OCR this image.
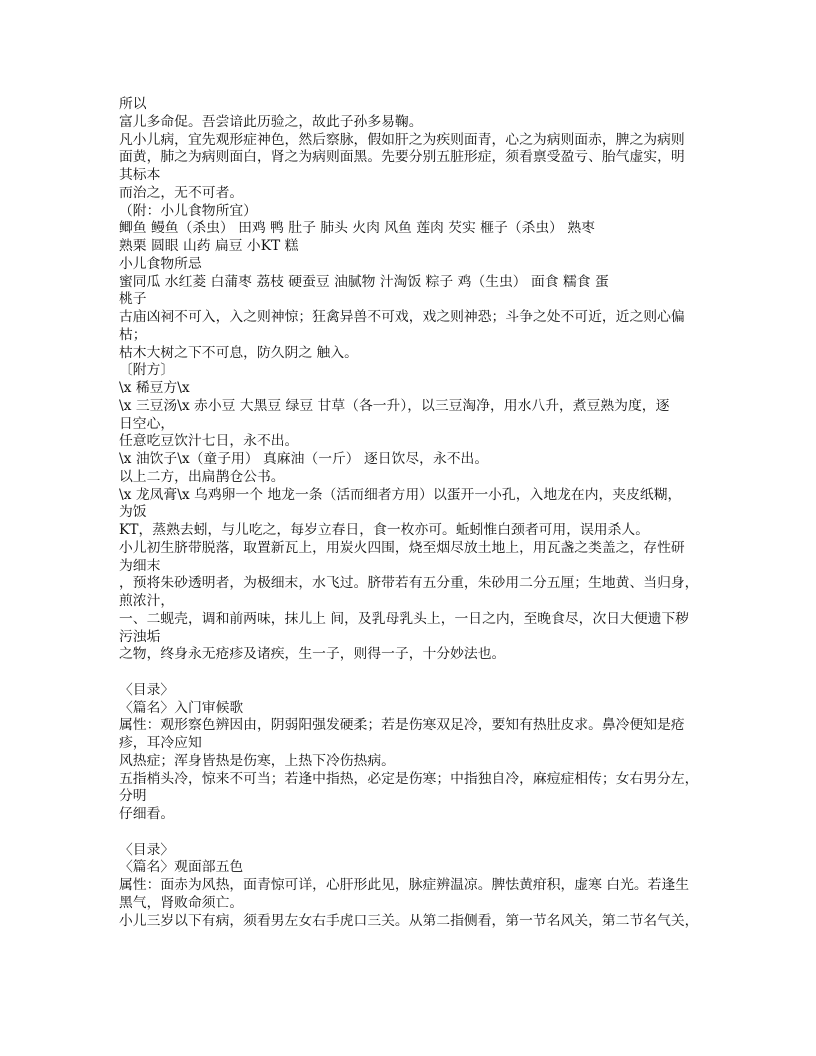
所以
富儿多命促。吾尝谙此历验之，故此子孙多易鞠。
凡小儿病，宜先观形症神色，然后察脉，假如肝之为疾则面青，心之为病则面赤，脾之为病则
面黄，肺之为病则面白，肾之为病则面黑。先要分别五脏形症，须看禀受盈亏、胎气虚实，明
其标本
而治之，无不可者。
（附：小儿食物所宜）
鲫鱼 鳗鱼（杀虫） 田鸡 鸭 肚子 肺头 火肉 风鱼 莲肉 芡实 榧子（杀虫） 熟枣
熟栗 圆眼 山药 扁豆 小KT 糕
小儿食物所忌
蜜同瓜 水红菱 白蒲枣 荔枝 硬蚕豆 油腻物 汁淘饭 粽子 鸡（生虫） 面食 糯食 蛋
桃子
古庙凶祠不可入，入之则神惊；狂禽异兽不可戏，戏之则神恐；斗争之处不可近，近之则心偏
枯；
枯木大树之下不可息，防久阴之 触入。
〔附方〕
\x 稀豆方\x
\x 三豆汤\x 赤小豆 大黑豆 绿豆 甘草（各一升），以三豆淘净，用水八升，煮豆熟为度，逐
日空心，
任意吃豆饮汁七日，永不出。
\x 油饮子\x（童子用） 真麻油（一斤） 逐日饮尽，永不出。
以上二方，出扁鹊仓公书。
\x 龙凤膏\x 乌鸡卵一个 地龙一条（活而细者方用）以蛋开一小孔，入地龙在内，夹皮纸糊，
为饭
KT，蒸熟去蚓，与儿吃之，每岁立春日，食一枚亦可。蚯蚓惟白颈者可用，误用杀人。
小儿初生脐带脱落，取置新瓦上，用炭火四围，烧至烟尽放土地上，用瓦盏之类盖之，存性研
为细末
，预将朱砂透明者，为极细末，水飞过。脐带若有五分重，朱砂用二分五厘；生地黄、当归身，
煎浓汁，
一、二蚬壳，调和前两味，抹儿上 间，及乳母乳头上，一日之内，至晚食尽，次日大便遗下秽
污浊垢
之物，终身永无疮疹及诸疾，生一子，则得一子，十分妙法也。
〈目录〉
〈篇名〉入门审候歌
属性：观形察色辨因由，阴弱阳强发硬柔；若是伤寒双足冷，要知有热肚皮求。鼻冷便知是疮
疹，耳冷应知
风热症；浑身皆热是伤寒，上热下冷伤热病。
五指梢头冷，惊来不可当；若逢中指热，必定是伤寒；中指独自冷，麻痘症相传；女右男分左，
分明
仔细看。
〈目录〉
〈篇名〉观面部五色
属性：面赤为风热，面青惊可详，心肝形此见，脉症辨温凉。脾怯黄疳积，虚寒 白光。若逢生
黑气，肾败命须亡。
小儿三岁以下有病，须看男左女右手虎口三关。从第二指侧看，第一节名风关，第二节名气关，
